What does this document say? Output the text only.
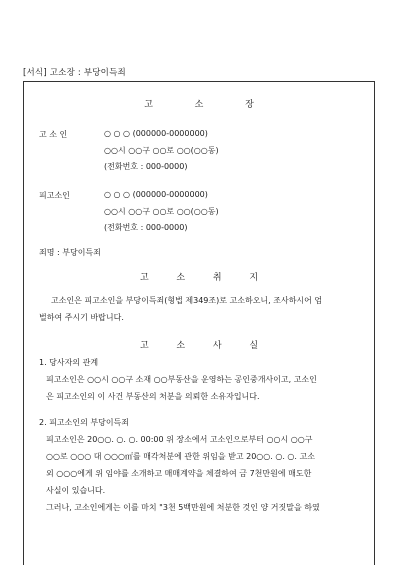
[서식] 고소장 : 부당이득죄
고	소	장
고 소 인	○ ○ ○ (000000-0000000)
○○시 ○○구 ○○로 ○○(○○동)
(전화번호 : 000-0000)
피고소인	○ ○ ○ (000000-0000000)
○○시 ○○구 ○○로 ○○(○○동)
(전화번호 : 000-0000)
죄명 : 부당이득죄
고	소	취	지
고소인은 피고소인을 부당이득죄(형법 제349조)로 고소하오니, 조사하시어 엄
벌하여 주시기 바랍니다.
고	소	사	실
1. 당사자의 관계
피고소인은 ○○시 ○○구 소재 ○○부동산을 운영하는 공인중개사이고, 고소인
은 피고소인의 이 사건 부동산의 처분을 의뢰한 소유자입니다.
2. 피고소인의 부당이득죄
피고소인은 20○○. ○. ○. 00:00 위 장소에서 고소인으로부터 ○○시 ○○구
○○로 ○○○ 대 ○○○㎡를 매각처분에 관한 위임을 받고 20○○. ○. ○. 고소
외 ○○○에게 위 임야를 소개하고 매매계약을 체결하여 금 7천만원에 매도한
사실이 있습니다.
그러나, 고소인에게는 이를 마치 "3천 5백만원에 처분한 것인 양 거짓말을 하였
